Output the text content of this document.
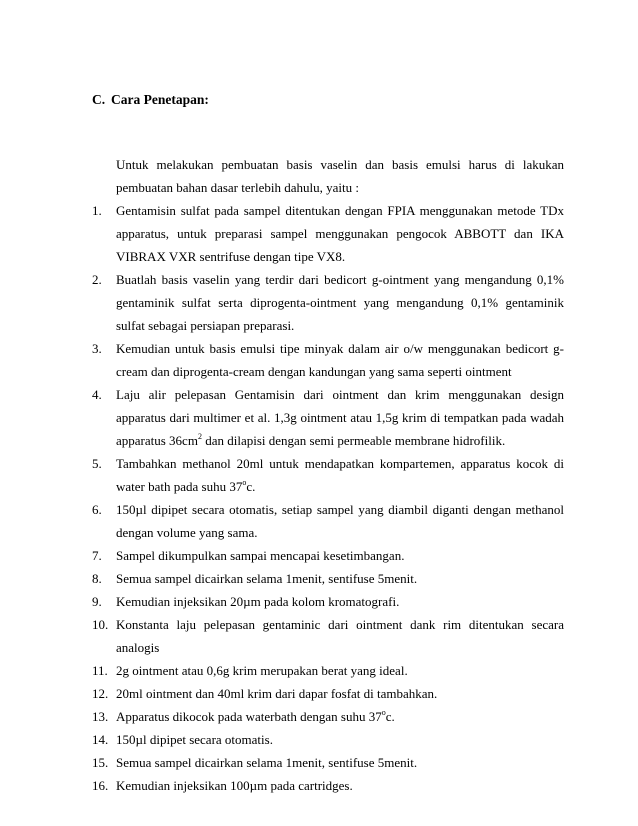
C. Cara Penetapan:
Untuk melakukan pembuatan basis vaselin dan basis emulsi harus di lakukan pembuatan bahan dasar terlebih dahulu, yaitu :
1. Gentamisin sulfat pada sampel ditentukan dengan FPIA menggunakan metode TDx apparatus, untuk preparasi sampel menggunakan pengocok ABBOTT dan IKA VIBRAX VXR sentrifuse dengan tipe VX8.
2. Buatlah basis vaselin yang terdir dari bedicort g-ointment yang mengandung 0,1% gentaminik sulfat serta diprogenta-ointment yang mengandung 0,1% gentaminik sulfat sebagai persiapan preparasi.
3. Kemudian untuk basis emulsi tipe minyak dalam air o/w menggunakan bedicort g-cream dan diprogenta-cream dengan kandungan yang sama seperti ointment
4. Laju alir pelepasan Gentamisin dari ointment dan krim menggunakan design apparatus dari multimer et al. 1,3g ointment atau 1,5g krim di tempatkan pada wadah apparatus $36cm^2$ dan dilapisi dengan semi permeable membrane hidrofilik.
5. Tambahkan methanol 20ml untuk mendapatkan kompartemen, apparatus kocok di water bath pada suhu 37$^o$c.
6. 150µl dipipet secara otomatis, setiap sampel yang diambil diganti dengan methanol dengan volume yang sama.
7. Sampel dikumpulkan sampai mencapai kesetimbangan.
8. Semua sampel dicairkan selama 1menit, sentifuse 5menit.
9. Kemudian injeksikan 20µm pada kolom kromatografi.
10. Konstanta laju pelepasan gentaminic dari ointment dank rim ditentukan secara analogis
11. 2g ointment atau 0,6g krim merupakan berat yang ideal.
12. 20ml ointment dan 40ml krim dari dapar fosfat di tambahkan.
13. Apparatus dikocok pada waterbath dengan suhu 37$^o$c.
14. 150µl dipipet secara otomatis.
15. Semua sampel dicairkan selama 1menit, sentifuse 5menit.
16. Kemudian injeksikan 100µm pada cartridges.
